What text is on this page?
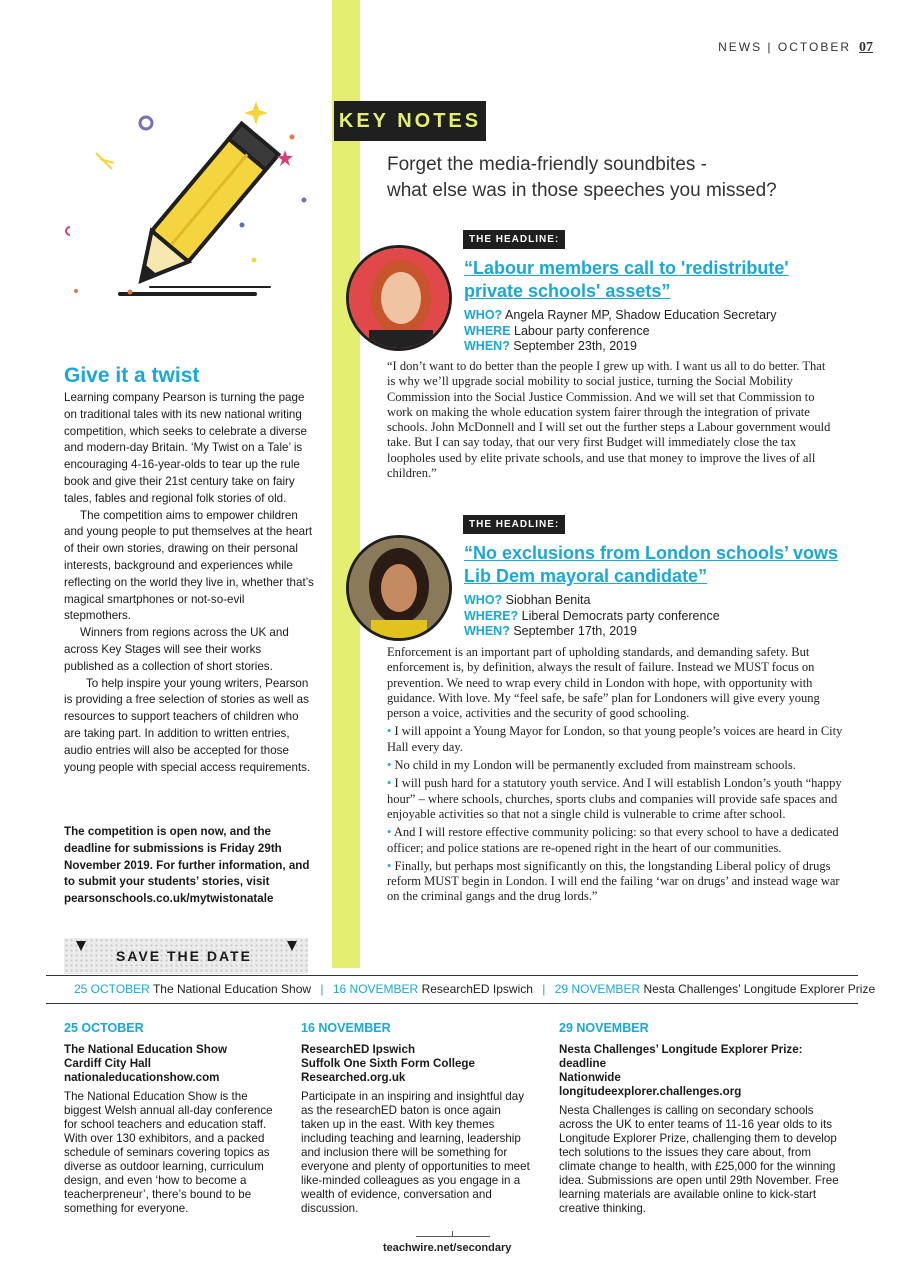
NEWS | OCTOBER 07
KEY NOTES
Forget the media-friendly soundbites -
what else was in those speeches you missed?
Give it a twist

Learning company Pearson is turning the page on traditional tales with its new national writing competition, which seeks to celebrate a diverse and modern-day Britain. ‘My Twist on a Tale’ is encouraging 4-16-year-olds to tear up the rule book and give their 21st century take on fairy tales, fables and regional folk stories of old.

The competition aims to empower children and young people to put themselves at the heart of their own stories, drawing on their personal interests, background and experiences while reflecting on the world they live in, whether that’s magical smartphones or not-so-evil stepmothers.

Winners from regions across the UK and across Key Stages will see their works published as a collection of short stories.

To help inspire your young writers, Pearson is providing a free selection of stories as well as resources to support teachers of children who are taking part. In addition to written entries, audio entries will also be accepted for those young people with special access requirements.

The competition is open now, and the deadline for submissions is Friday 29th November 2019. For further information, and to submit your students’ stories, visit pearsonschools.co.uk/mytwistonatale
THE HEADLINE:
“Labour members call to 'redistribute'
private schools' assets”
WHO? Angela Rayner MP, Shadow Education Secretary
WHERE Labour party conference
WHEN? September 23th, 2019
“I don’t want to do better than the people I grew up with. I want us all to do better. That is why we’ll upgrade social mobility to social justice, turning the Social Mobility Commission into the Social Justice Commission. And we will set that Commission to work on making the whole education system fairer through the integration of private schools. John McDonnell and I will set out the further steps a Labour government would take. But I can say today, that our very first Budget will immediately close the tax loopholes used by elite private schools, and use that money to improve the lives of all children.”
THE HEADLINE:
“No exclusions from London schools’ vows
Lib Dem mayoral candidate”
WHO? Siobhan Benita
WHERE? Liberal Democrats party conference
WHEN? September 17th, 2019
Enforcement is an important part of upholding standards, and demanding safety. But enforcement is, by definition, always the result of failure. Instead we MUST focus on prevention. We need to wrap every child in London with hope, with opportunity with guidance. With love. My “feel safe, be safe” plan for Londoners will give every young person a voice, activities and the security of good schooling.
• I will appoint a Young Mayor for London, so that young people’s voices are heard in City Hall every day.
• No child in my London will be permanently excluded from mainstream schools.
• I will push hard for a statutory youth service. And I will establish London’s youth “happy hour” – where schools, churches, sports clubs and companies will provide safe spaces and enjoyable activities so that not a single child is vulnerable to crime after school.
• And I will restore effective community policing: so that every school to have a dedicated officer; and police stations are re-opened right in the heart of our communities.
• Finally, but perhaps most significantly on this, the longstanding Liberal policy of drugs reform MUST begin in London. I will end the failing ‘war on drugs’ and instead wage war on the criminal gangs and the drug lords.”
SAVE THE DATE
25 OCTOBER The National Education Show | 16 NOVEMBER ResearchED Ipswich | 29 NOVEMBER Nesta Challenges’ Longitude Explorer Prize
25 OCTOBER
The National Education Show
Cardiff City Hall
nationaleducationshow.com
The National Education Show is the biggest Welsh annual all-day conference for school teachers and education staff. With over 130 exhibitors, and a packed schedule of seminars covering topics as diverse as outdoor learning, curriculum design, and even ‘how to become a teacherpreneur’, there’s bound to be something for everyone.
16 NOVEMBER
ResearchED Ipswich
Suffolk One Sixth Form College
Researched.org.uk
Participate in an inspiring and insightful day as the researchED baton is once again taken up in the east. With key themes including teaching and learning, leadership and inclusion there will be something for everyone and plenty of opportunities to meet like-minded colleagues as you engage in a wealth of evidence, conversation and discussion.
29 NOVEMBER
Nesta Challenges’ Longitude Explorer Prize: deadline
Nationwide
longitudeexplorer.challenges.org
Nesta Challenges is calling on secondary schools across the UK to enter teams of 11-16 year olds to its Longitude Explorer Prize, challenging them to develop tech solutions to the issues they care about, from climate change to health, with £25,000 for the winning idea. Submissions are open until 29th November. Free learning materials are available online to kick-start creative thinking.
teachwire.net/secondary
